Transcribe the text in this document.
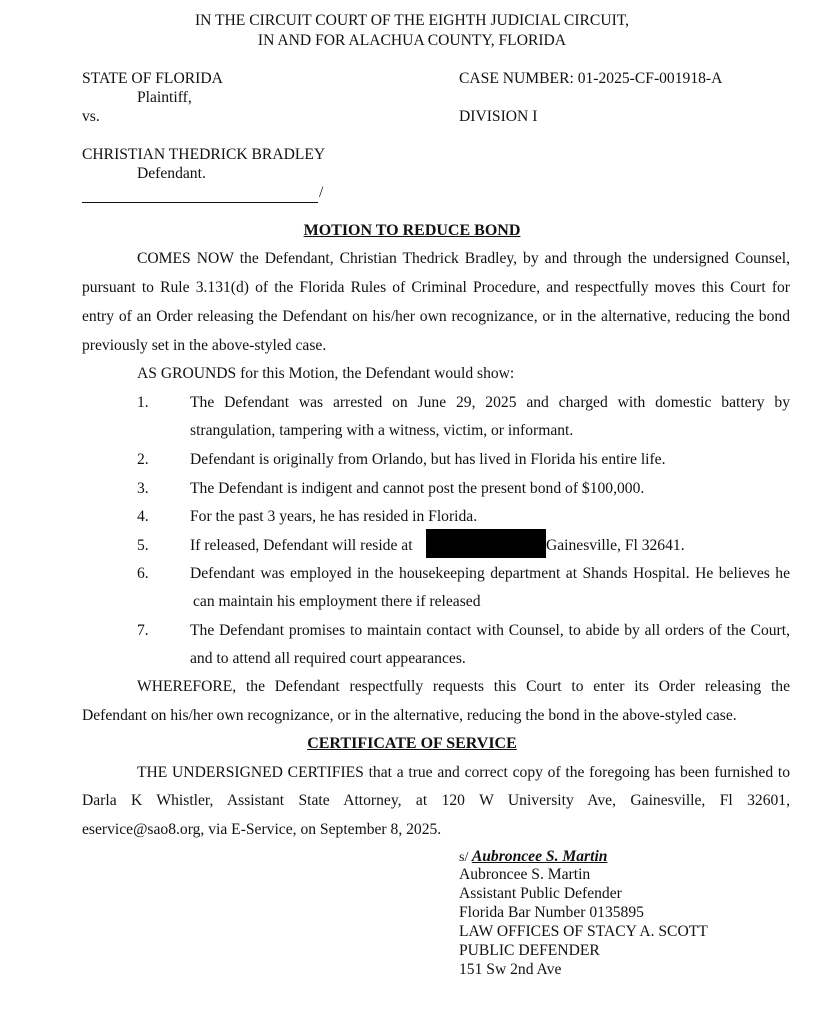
IN THE CIRCUIT COURT OF THE EIGHTH JUDICIAL CIRCUIT,
IN AND FOR ALACHUA COUNTY, FLORIDA
STATE OF FLORIDA
Plaintiff,
vs.
CHRISTIAN THEDRICK BRADLEY
Defendant.
/
CASE NUMBER: 01-2025-CF-001918-A
DIVISION I
MOTION TO REDUCE BOND
COMES NOW the Defendant, Christian Thedrick Bradley, by and through the undersigned Counsel,
pursuant to Rule 3.131(d) of the Florida Rules of Criminal Procedure, and respectfully moves this Court for
entry of an Order releasing the Defendant on his/her own recognizance, or in the alternative, reducing the bond
previously set in the above-styled case.
AS GROUNDS for this Motion, the Defendant would show:
1.	The Defendant was arrested on June 29, 2025 and charged with domestic battery by
strangulation, tampering with a witness, victim, or informant.
2.	Defendant is originally from Orlando, but has lived in Florida his entire life.
3.	The Defendant is indigent and cannot post the present bond of $100,000.
4.	For the past 3 years, he has resided in Florida.
5.	If released, Defendant will reside at	Gainesville, Fl 32641.
6.	Defendant was employed in the housekeeping department at Shands Hospital. He believes he
can maintain his employment there if released
7.	The Defendant promises to maintain contact with Counsel, to abide by all orders of the Court,
and to attend all required court appearances.
WHEREFORE, the Defendant respectfully requests this Court to enter its Order releasing the
Defendant on his/her own recognizance, or in the alternative, reducing the bond in the above-styled case.
CERTIFICATE OF SERVICE
THE UNDERSIGNED CERTIFIES that a true and correct copy of the foregoing has been furnished to
Darla K Whistler, Assistant State Attorney, at 120 W University Ave, Gainesville, Fl 32601,
eservice@sao8.org, via E-Service, on September 8, 2025.
s/ Aubroncee S. Martin
Aubroncee S. Martin
Assistant Public Defender
Florida Bar Number 0135895
LAW OFFICES OF STACY A. SCOTT
PUBLIC DEFENDER
151 Sw 2nd Ave
